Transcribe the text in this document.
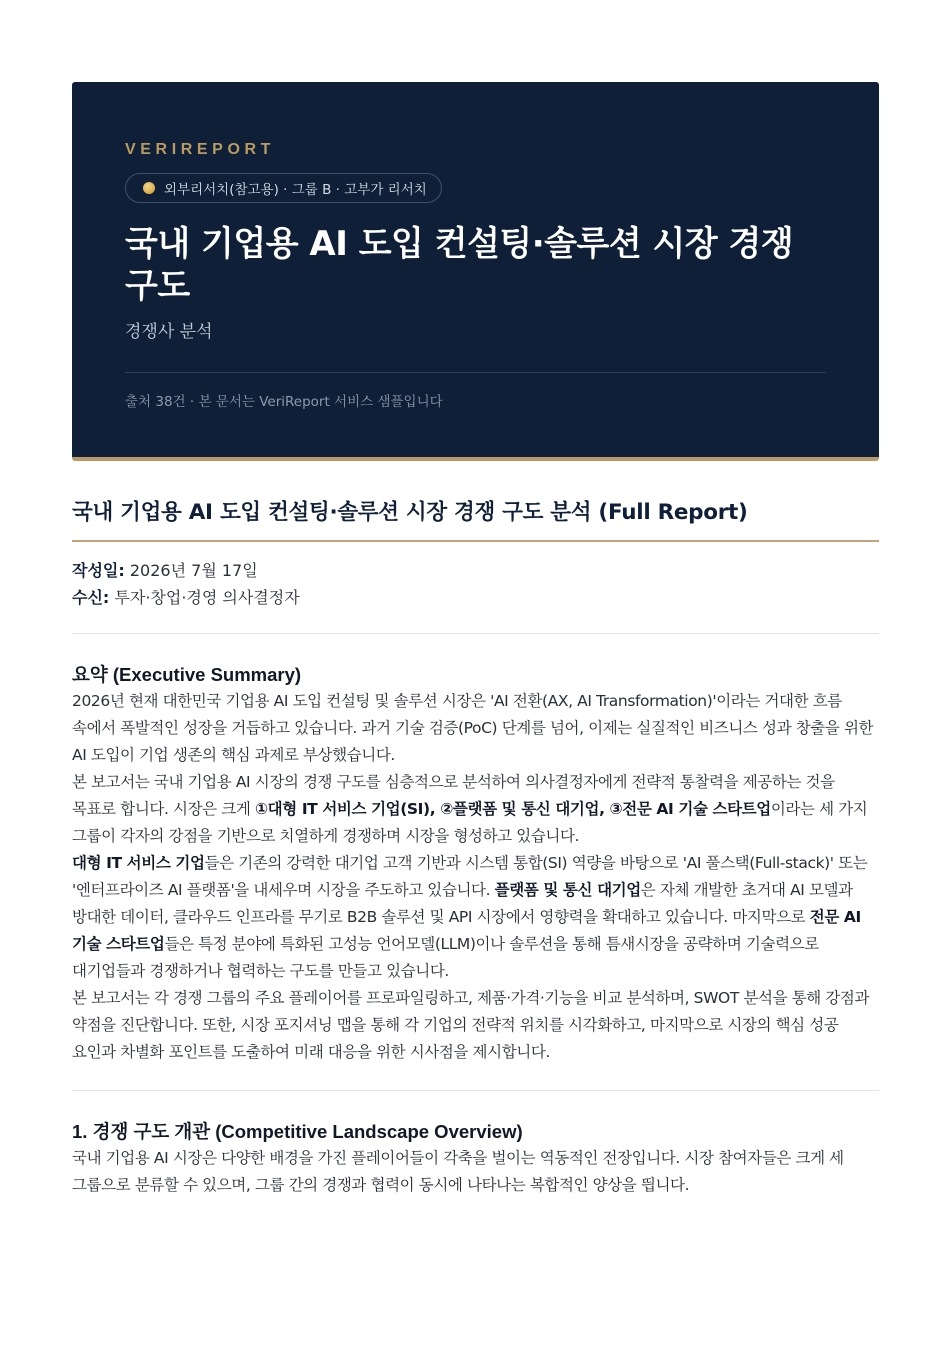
VERIREPORT
외부리서치(참고용) · 그룹 B · 고부가 리서치
국내 기업용 AI 도입 컨설팅·솔루션 시장 경쟁 구도
경쟁사 분석
출처 38건 · 본 문서는 VeriReport 서비스 샘플입니다
국내 기업용 AI 도입 컨설팅·솔루션 시장 경쟁 구도 분석 (Full Report)
작성일: 2026년 7월 17일
수신: 투자·창업·경영 의사결정자
요약 (Executive Summary)

2026년 현재 대한민국 기업용 AI 도입 컨설팅 및 솔루션 시장은 'AI 전환(AX, AI Transformation)'이라는 거대한 흐름 속에서 폭발적인 성장을 거듭하고 있습니다. 과거 기술 검증(PoC) 단계를 넘어, 이제는 실질적인 비즈니스 성과 창출을 위한 AI 도입이 기업 생존의 핵심 과제로 부상했습니다.

본 보고서는 국내 기업용 AI 시장의 경쟁 구도를 심층적으로 분석하여 의사결정자에게 전략적 통찰력을 제공하는 것을 목표로 합니다. 시장은 크게 ①대형 IT 서비스 기업(SI), ②플랫폼 및 통신 대기업, ③전문 AI 기술 스타트업이라는 세 가지 그룹이 각자의 강점을 기반으로 치열하게 경쟁하며 시장을 형성하고 있습니다.

대형 IT 서비스 기업들은 기존의 강력한 대기업 고객 기반과 시스템 통합(SI) 역량을 바탕으로 'AI 풀스택(Full-stack)' 또는 '엔터프라이즈 AI 플랫폼'을 내세우며 시장을 주도하고 있습니다. 플랫폼 및 통신 대기업은 자체 개발한 초거대 AI 모델과 방대한 데이터, 클라우드 인프라를 무기로 B2B 솔루션 및 API 시장에서 영향력을 확대하고 있습니다. 마지막으로 전문 AI 기술 스타트업들은 특정 분야에 특화된 고성능 언어모델(LLM)이나 솔루션을 통해 틈새시장을 공략하며 기술력으로 대기업들과 경쟁하거나 협력하는 구도를 만들고 있습니다.

본 보고서는 각 경쟁 그룹의 주요 플레이어를 프로파일링하고, 제품·가격·기능을 비교 분석하며, SWOT 분석을 통해 강점과 약점을 진단합니다. 또한, 시장 포지셔닝 맵을 통해 각 기업의 전략적 위치를 시각화하고, 마지막으로 시장의 핵심 성공 요인과 차별화 포인트를 도출하여 미래 대응을 위한 시사점을 제시합니다.

1. 경쟁 구도 개관 (Competitive Landscape Overview)

국내 기업용 AI 시장은 다양한 배경을 가진 플레이어들이 각축을 벌이는 역동적인 전장입니다. 시장 참여자들은 크게 세 그룹으로 분류할 수 있으며, 그룹 간의 경쟁과 협력이 동시에 나타나는 복합적인 양상을 띕니다.
